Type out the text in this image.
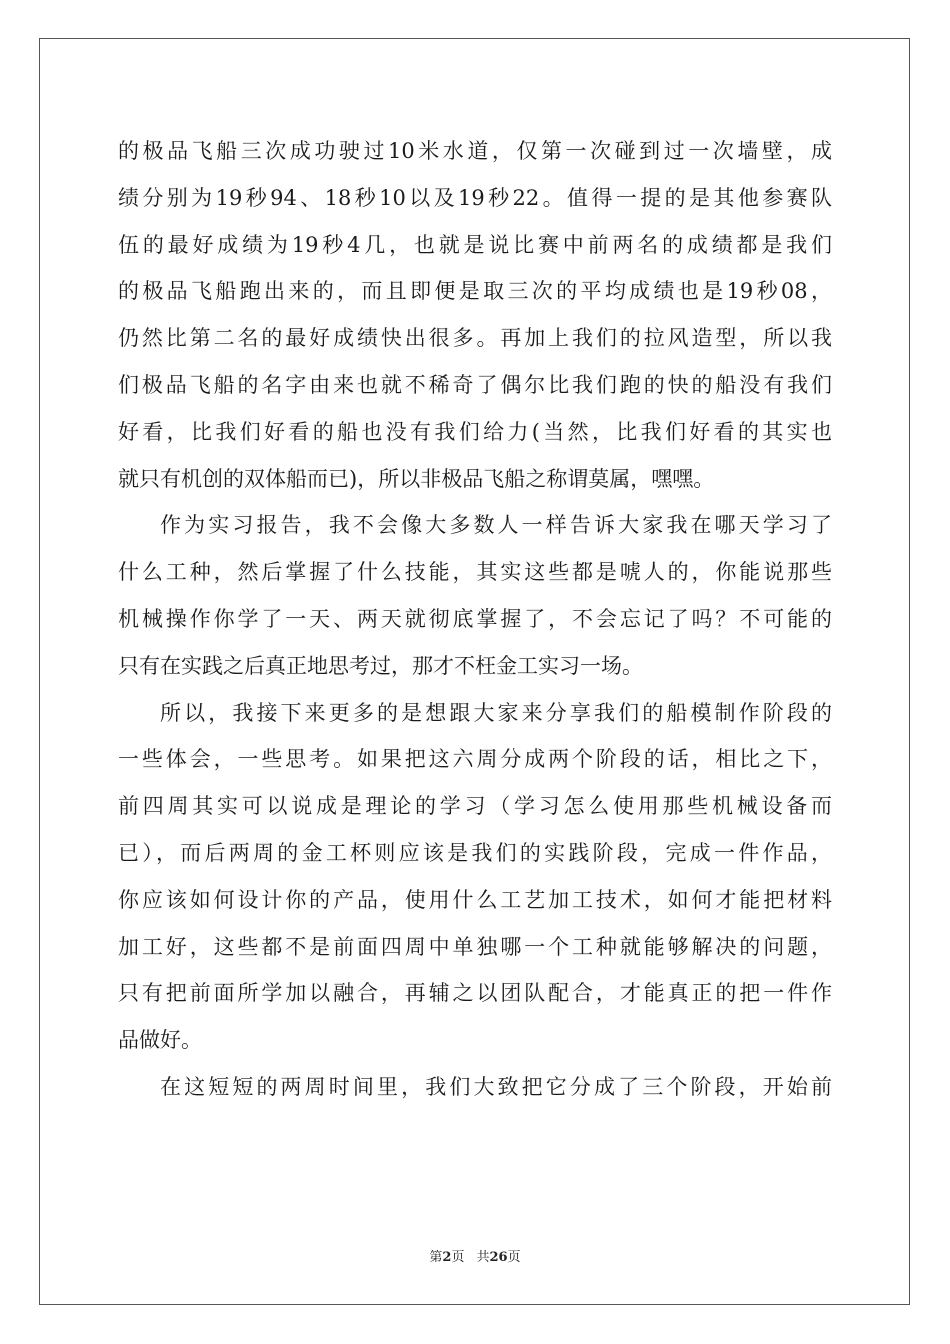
的极品飞船三次成功驶过10米水道，仅第一次碰到过一次墙壁，成
绩分别为19秒94、18秒10以及19秒22。值得一提的是其他参赛队
伍的最好成绩为19秒4几，也就是说比赛中前两名的成绩都是我们
的极品飞船跑出来的，而且即便是取三次的平均成绩也是19秒08，
仍然比第二名的最好成绩快出很多。再加上我们的拉风造型，所以我
们极品飞船的名字由来也就不稀奇了偶尔比我们跑的快的船没有我们
好看，比我们好看的船也没有我们给力(当然，比我们好看的其实也
就只有机创的双体船而已)，所以非极品飞船之称谓莫属，嘿嘿。
作为实习报告，我不会像大多数人一样告诉大家我在哪天学习了
什么工种，然后掌握了什么技能，其实这些都是唬人的，你能说那些
机械操作你学了一天、两天就彻底掌握了，不会忘记了吗？不可能的
只有在实践之后真正地思考过，那才不枉金工实习一场。
所以，我接下来更多的是想跟大家来分享我们的船模制作阶段的
一些体会，一些思考。如果把这六周分成两个阶段的话，相比之下，
前四周其实可以说成是理论的学习（学习怎么使用那些机械设备而
已），而后两周的金工杯则应该是我们的实践阶段，完成一件作品，
你应该如何设计你的产品，使用什么工艺加工技术，如何才能把材料
加工好，这些都不是前面四周中单独哪一个工种就能够解决的问题，
只有把前面所学加以融合，再辅之以团队配合，才能真正的把一件作
品做好。
在这短短的两周时间里，我们大致把它分成了三个阶段，开始前
第2页 共26页
